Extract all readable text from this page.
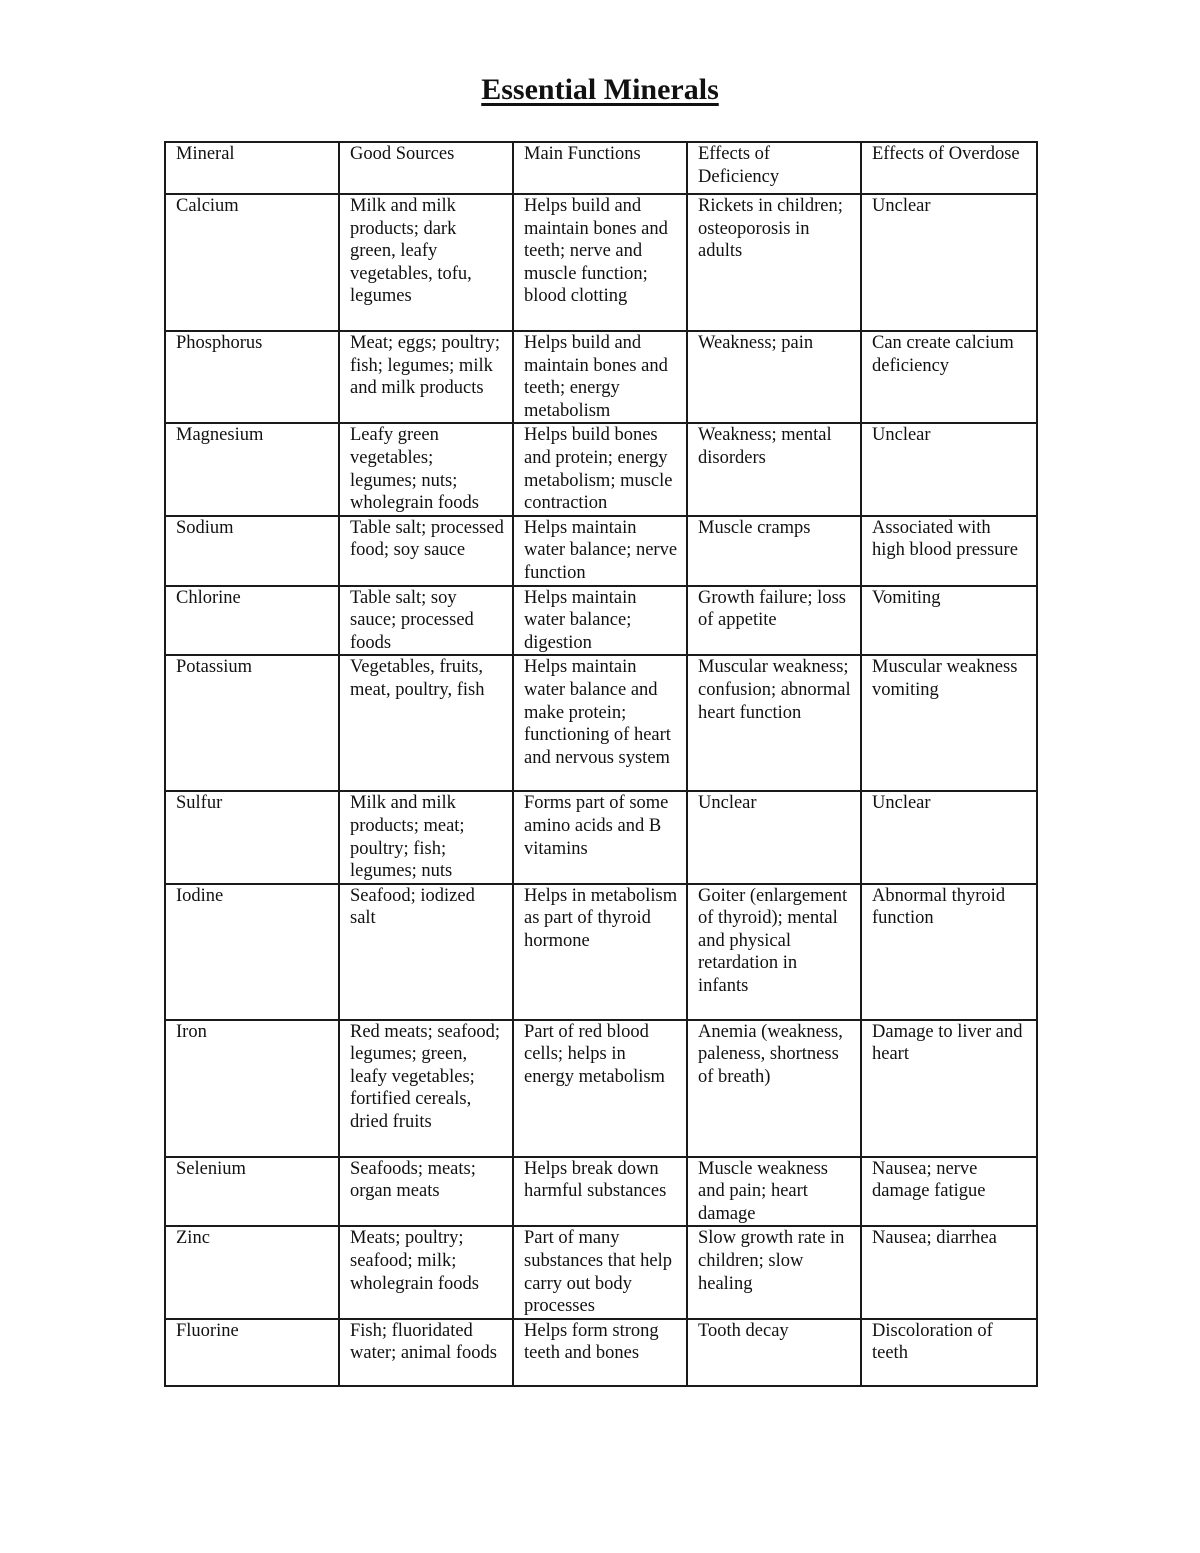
Essential Minerals
Mineral	Good Sources	Main Functions	Effects of Deficiency	Effects of Overdose

Calcium	Milk and milk products; dark green, leafy vegetables, tofu, legumes	Helps build and maintain bones and teeth; nerve and muscle function; blood clotting	Rickets in children; osteoporosis in adults	Unclear

Phosphorus	Meat; eggs; poultry; fish; legumes; milk and milk products	Helps build and maintain bones and teeth; energy metabolism	Weakness; pain	Can create calcium deficiency

Magnesium	Leafy green vegetables; legumes; nuts; wholegrain foods	Helps build bones and protein; energy metabolism; muscle contraction	Weakness; mental disorders	Unclear

Sodium	Table salt; processed food; soy sauce	Helps maintain water balance; nerve function	Muscle cramps	Associated with high blood pressure

Chlorine	Table salt; soy sauce; processed foods	Helps maintain water balance; digestion	Growth failure; loss of appetite	Vomiting

Potassium	Vegetables, fruits, meat, poultry, fish	Helps maintain water balance and make protein; functioning of heart and nervous system	Muscular weakness; confusion; abnormal heart function	Muscular weakness vomiting

Sulfur	Milk and milk products; meat; poultry; fish; legumes; nuts	Forms part of some amino acids and B vitamins	Unclear	Unclear

Iodine	Seafood; iodized salt	Helps in metabolism as part of thyroid hormone	Goiter (enlargement of thyroid); mental and physical retardation in infants	Abnormal thyroid function

Iron	Red meats; seafood; legumes; green, leafy vegetables; fortified cereals, dried fruits	Part of red blood cells; helps in energy metabolism	Anemia (weakness, paleness, shortness of breath)	Damage to liver and heart

Selenium	Seafoods; meats; organ meats	Helps break down harmful substances	Muscle weakness and pain; heart damage	Nausea; nerve damage fatigue

Zinc	Meats; poultry; seafood; milk; wholegrain foods	Part of many substances that help carry out body processes	Slow growth rate in children; slow healing	Nausea; diarrhea

Fluorine	Fish; fluoridated water; animal foods	Helps form strong teeth and bones	Tooth decay	Discoloration of teeth
